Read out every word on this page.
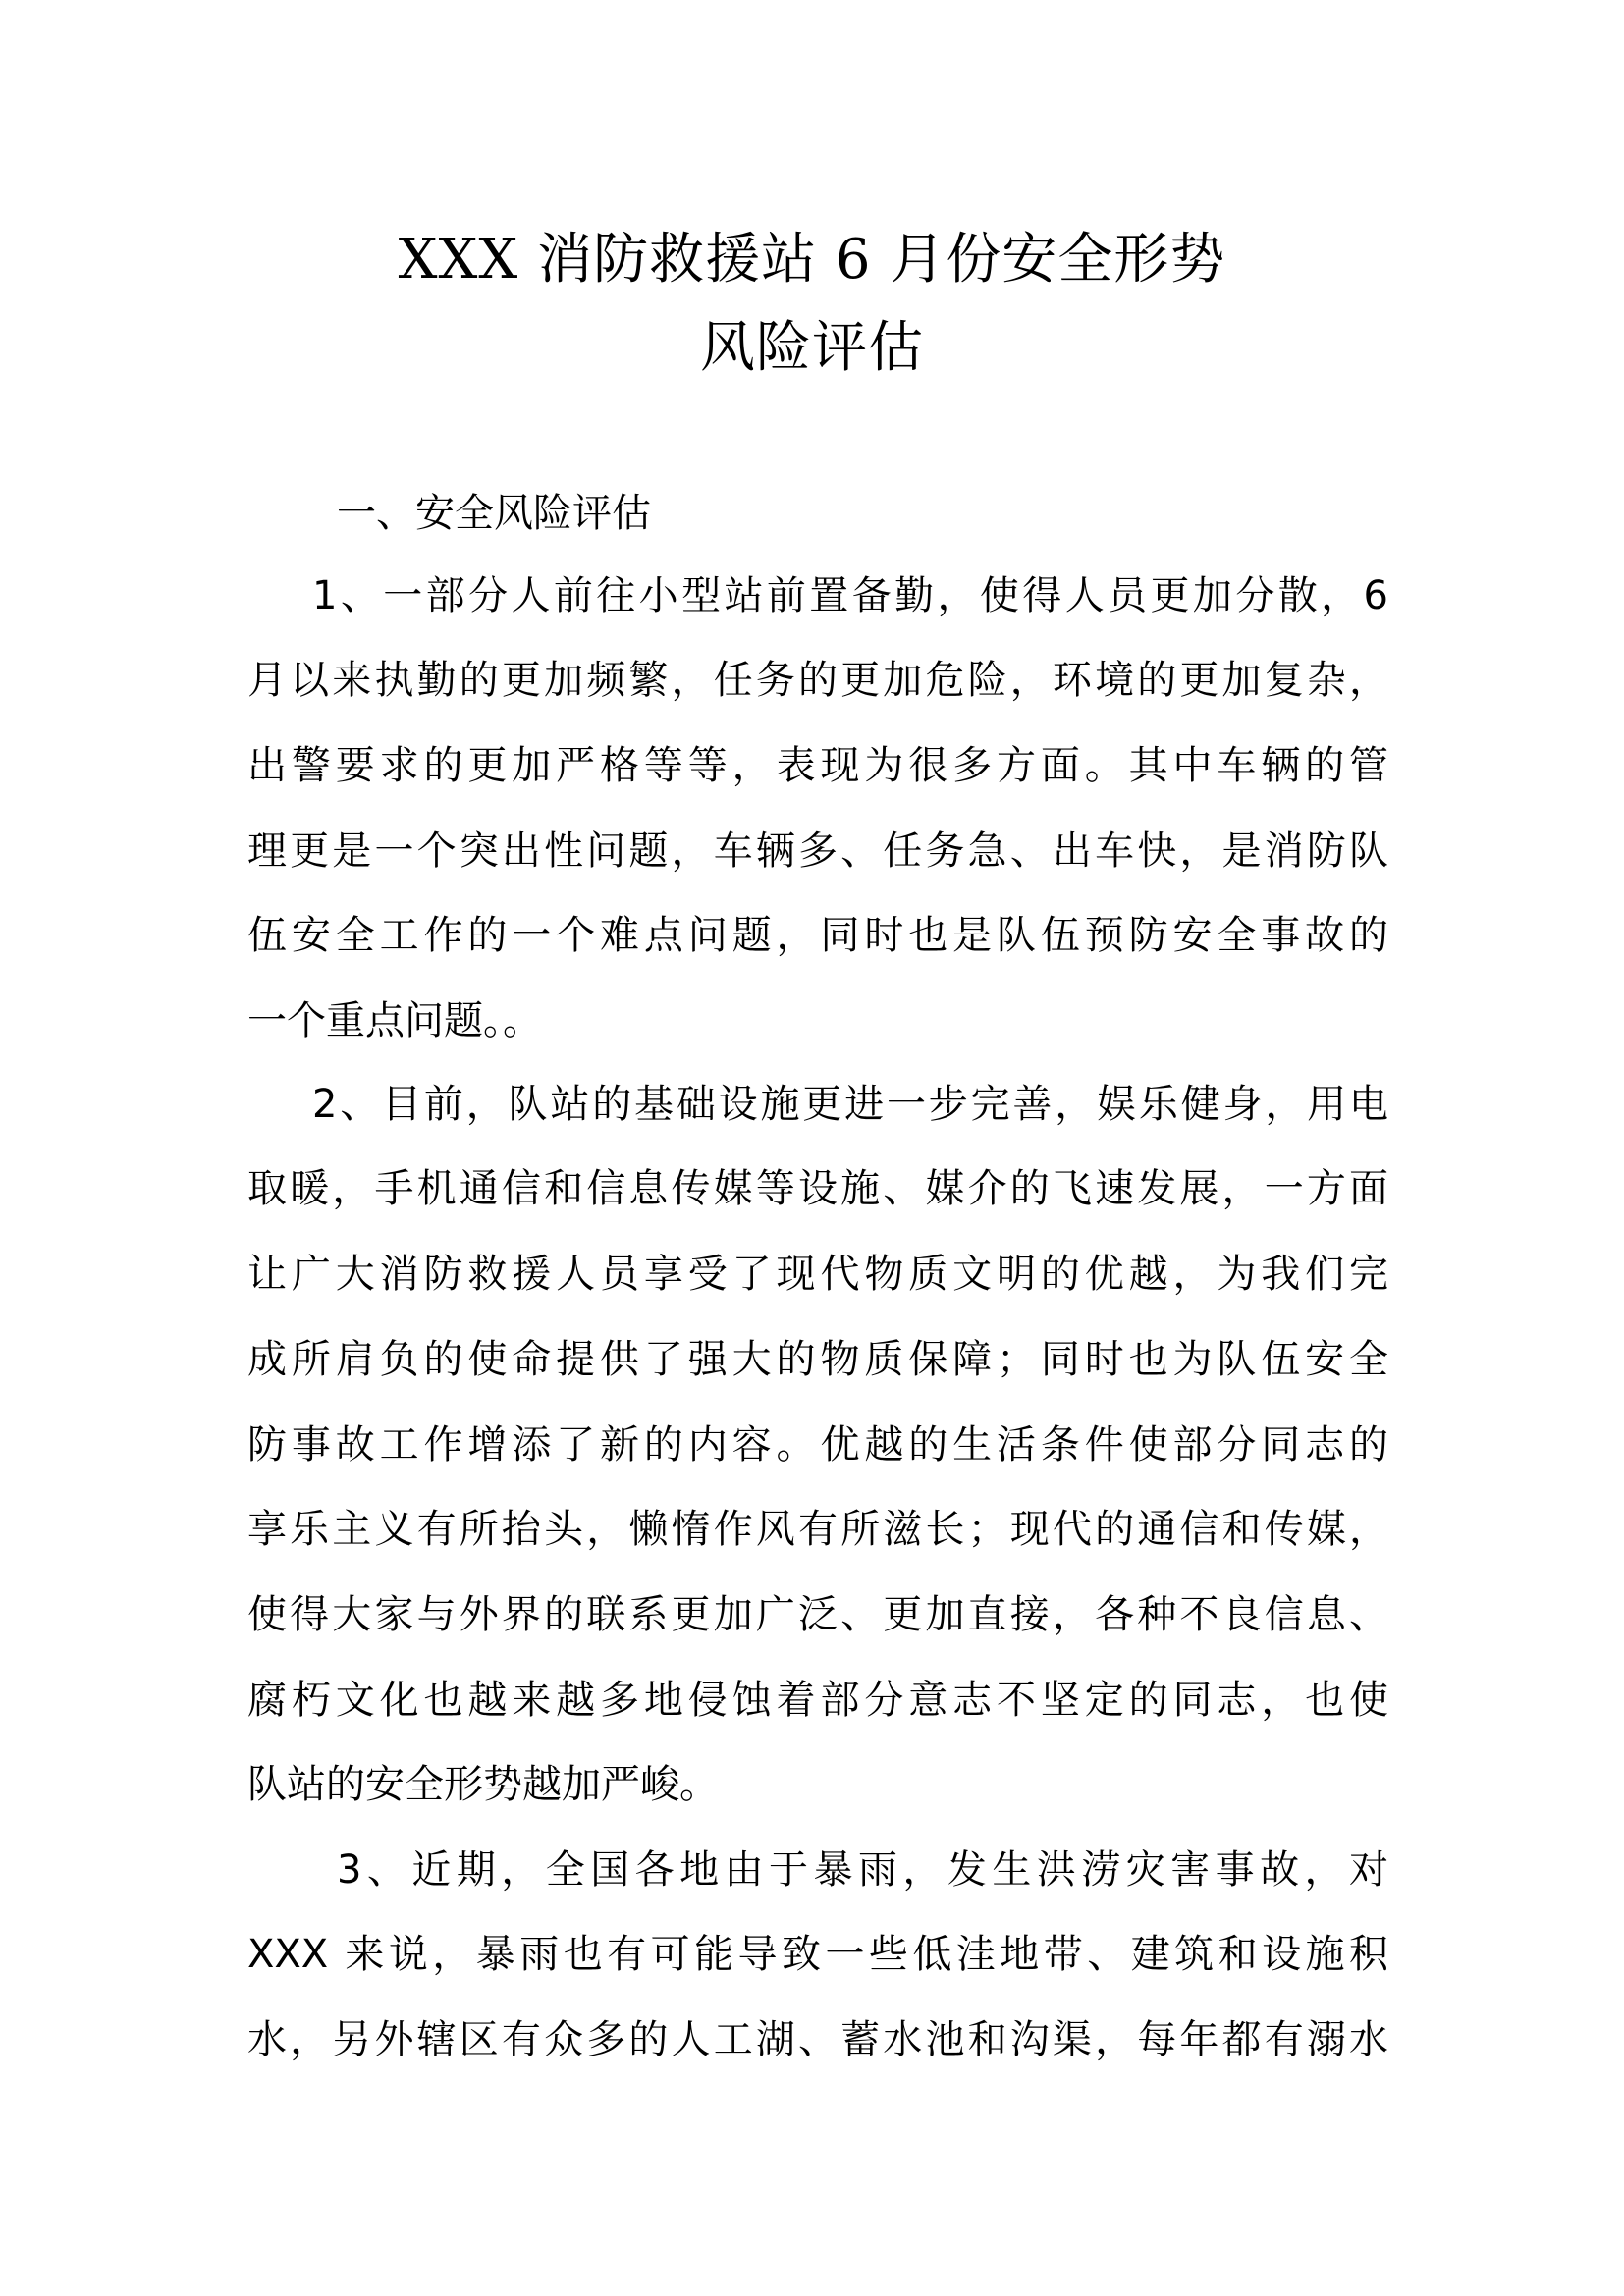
XXX 消防救援站 6 月份安全形势
风险评估
一、安全风险评估
1、一部分人前往小型站前置备勤，使得人员更加分散，6
月以来执勤的更加频繁，任务的更加危险，环境的更加复杂，
出警要求的更加严格等等，表现为很多方面。其中车辆的管
理更是一个突出性问题，车辆多、任务急、出车快，是消防队
伍安全工作的一个难点问题，同时也是队伍预防安全事故的
一个重点问题。。
2、目前，队站的基础设施更进一步完善，娱乐健身，用电
取暖，手机通信和信息传媒等设施、媒介的飞速发展，一方面
让广大消防救援人员享受了现代物质文明的优越，为我们完
成所肩负的使命提供了强大的物质保障；同时也为队伍安全
防事故工作增添了新的内容。优越的生活条件使部分同志的
享乐主义有所抬头，懒惰作风有所滋长；现代的通信和传媒，
使得大家与外界的联系更加广泛、更加直接，各种不良信息、
腐朽文化也越来越多地侵蚀着部分意志不坚定的同志，也使
队站的安全形势越加严峻。
3、近期，全国各地由于暴雨，发生洪涝灾害事故，对
XXX 来说，暴雨也有可能导致一些低洼地带、建筑和设施积
水，另外辖区有众多的人工湖、蓄水池和沟渠，每年都有溺水
